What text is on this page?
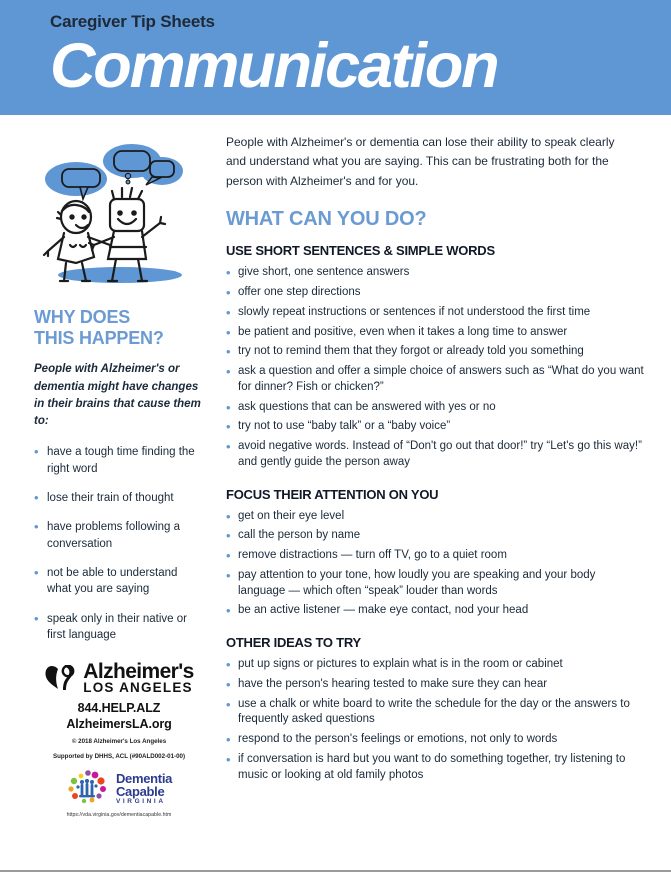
Caregiver Tip Sheets
Communication
WHY DOES
THIS HAPPEN?
People with Alzheimer's or dementia might have changes in their brains that cause them to:
• have a tough time finding the right word
• lose their train of thought
• have problems following a conversation
• not be able to understand what you are saying
• speak only in their native or first language
Alzheimer's
LOS ANGELES
844.HELP.ALZ
AlzheimersLA.org
© 2018 Alzheimer's Los Angeles
Supported by DHHS, ACL (#90ALD002-01-00)
Dementia
Capable
VIRGINIA
https://vda.virginia.gov/dementiacapable.htm

People with Alzheimer's or dementia can lose their ability to speak clearly and understand what you are saying. This can be frustrating both for the person with Alzheimer's and for you.

WHAT CAN YOU DO?
USE SHORT SENTENCES & SIMPLE WORDS
• give short, one sentence answers
• offer one step directions
• slowly repeat instructions or sentences if not understood the first time
• be patient and positive, even when it takes a long time to answer
• try not to remind them that they forgot or already told you something
• ask a question and offer a simple choice of answers such as “What do you want for dinner? Fish or chicken?”
• ask questions that can be answered with yes or no
• try not to use “baby talk” or a “baby voice”
• avoid negative words. Instead of “Don't go out that door!” try “Let's go this way!” and gently guide the person away
FOCUS THEIR ATTENTION ON YOU
• get on their eye level
• call the person by name
• remove distractions — turn off TV, go to a quiet room
• pay attention to your tone, how loudly you are speaking and your body language — which often “speak” louder than words
• be an active listener — make eye contact, nod your head
OTHER IDEAS TO TRY
• put up signs or pictures to explain what is in the room or cabinet
• have the person's hearing tested to make sure they can hear
• use a chalk or white board to write the schedule for the day or the answers to frequently asked questions
• respond to the person's feelings or emotions, not only to words
• if conversation is hard but you want to do something together, try listening to music or looking at old family photos
